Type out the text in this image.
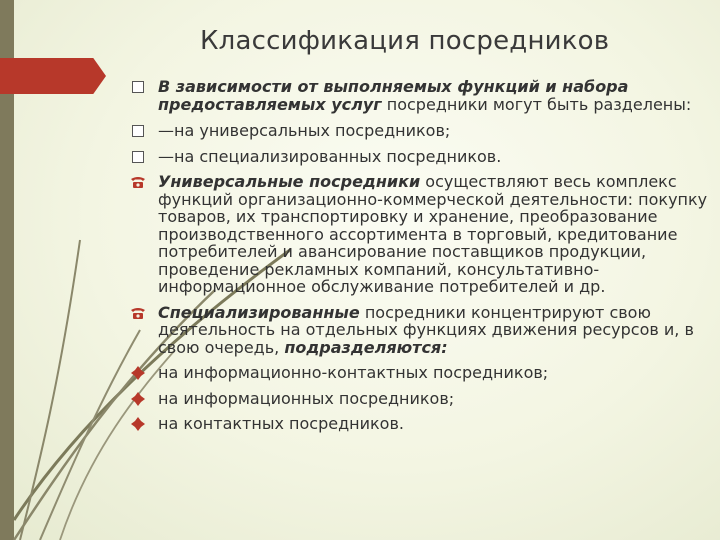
Классификация посредников
В зависимости от выполняемых функций и набора предоставляемых услуг посредники могут быть разделены:
—на универсальных посредников;
—на специализированных посредников.
Универсальные посредники осуществляют весь комплекс функций организационно-коммерческой деятельности: покупку товаров, их транспортировку и хранение, преобразование производственного ассортимента в торговый, кредитование потребителей и авансирование поставщиков продукции, проведение рекламных компаний, консультативно-информационное обслуживание потребителей и др.
Специализированные посредники концентрируют свою деятельность на отдельных функциях движения ресурсов и, в свою очередь, подразделяются:
на информационно-контактных посредников;
на информационных посредников;
на контактных посредников.
